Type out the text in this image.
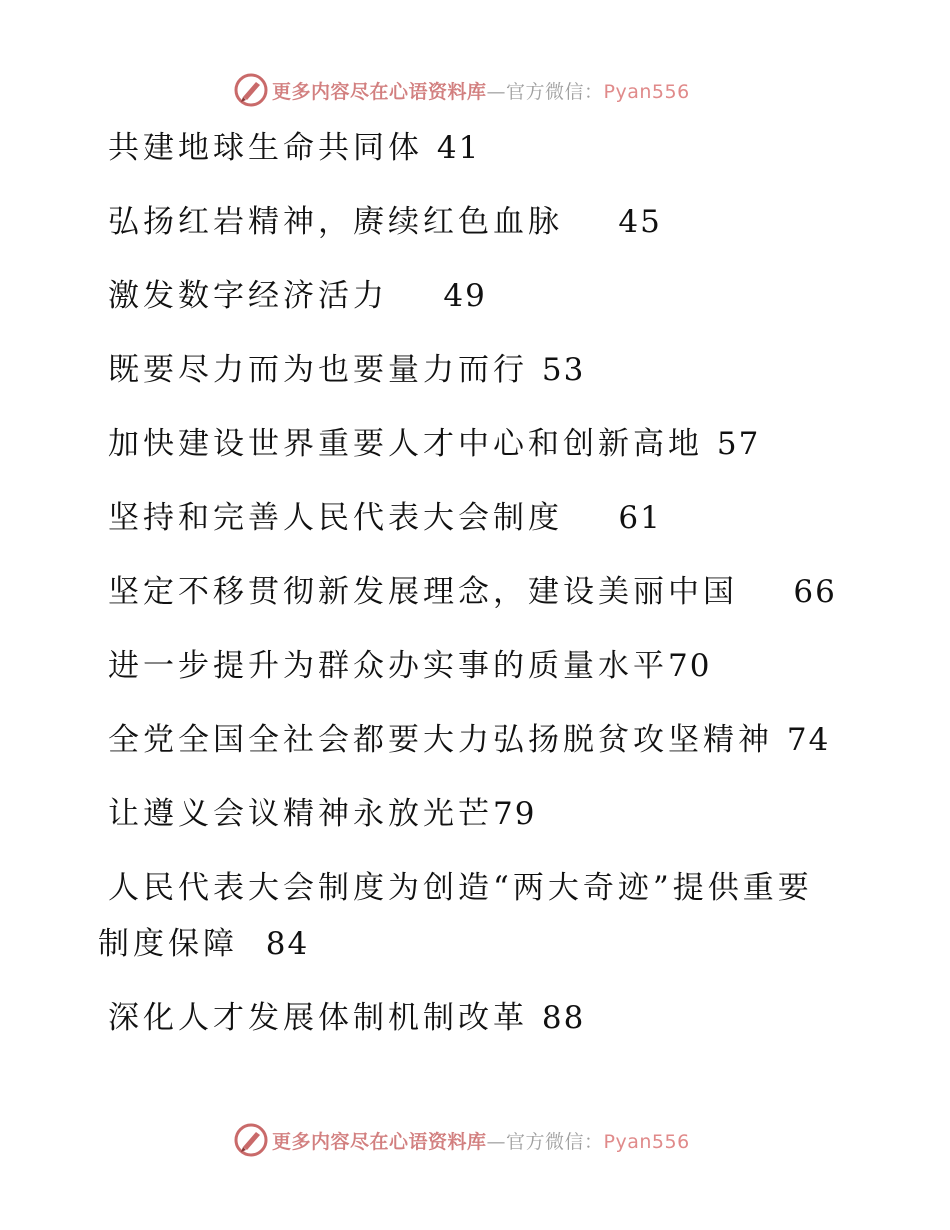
更多内容尽在心语资料库—官方微信：Pyan556
共建地球生命共同体 41
弘扬红岩精神，赓续红色血脉 45
激发数字经济活力 49
既要尽力而为也要量力而行 53
加快建设世界重要人才中心和创新高地 57
坚持和完善人民代表大会制度 61
坚定不移贯彻新发展理念，建设美丽中国 66
进一步提升为群众办实事的质量水平70
全党全国全社会都要大力弘扬脱贫攻坚精神 74
让遵义会议精神永放光芒79
人民代表大会制度为创造“两大奇迹”提供重要
制度保障 84
深化人才发展体制机制改革 88
更多内容尽在心语资料库—官方微信：Pyan556
